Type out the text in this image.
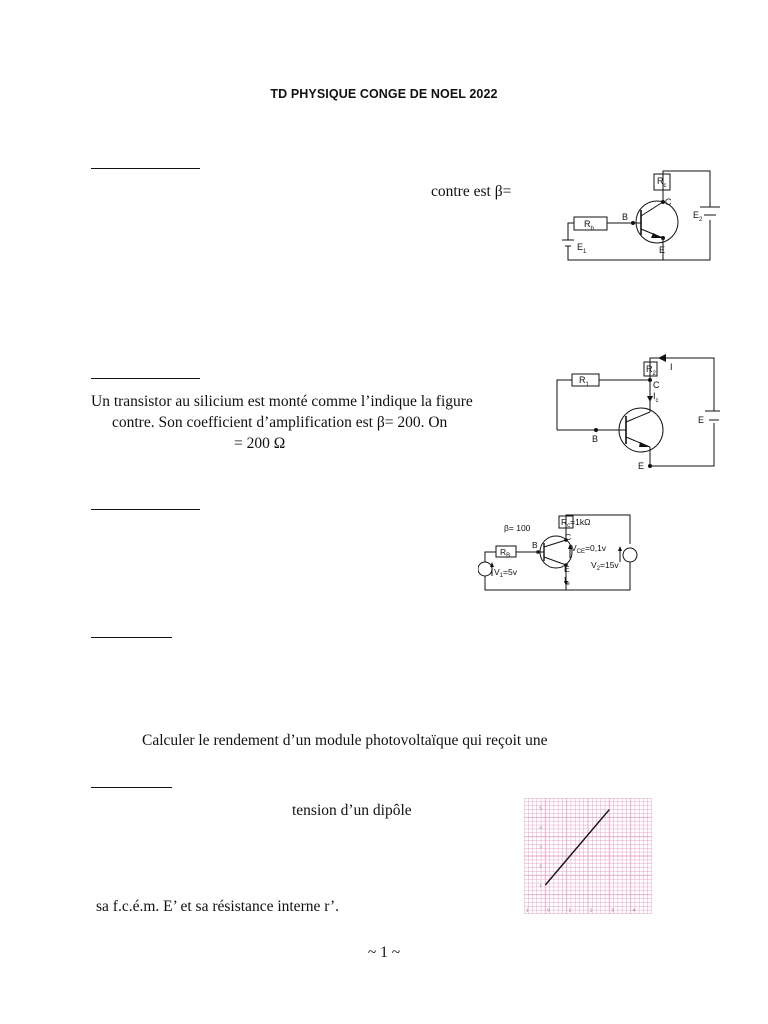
TD PHYSIQUE CONGE DE NOEL 2022
contre est β=
$R_c$
$R_b$
B
C
E
$E_1$
$E_2$
Un transistor au silicium est monté comme l’indique la figure
contre. Son coefficient d’amplification est β= 200. On
= 200 Ω
$R_1$
$R_2$
I
$I_c$
C
B
E
E
β= 100
$R_c=1k\Omega$
C
B
E
$R_B$
$V_{CE}=0,1v$
$V_1=5v$
$V_2=15v$
$I_e$
Calculer le rendement d’un module photovoltaïque qui reçoit une
tension d’un dipôle
sa f.c.é.m. E’ et sa résistance interne r’.	1	0	1	2	3	4
5
4
3
2
1
~ 1 ~
